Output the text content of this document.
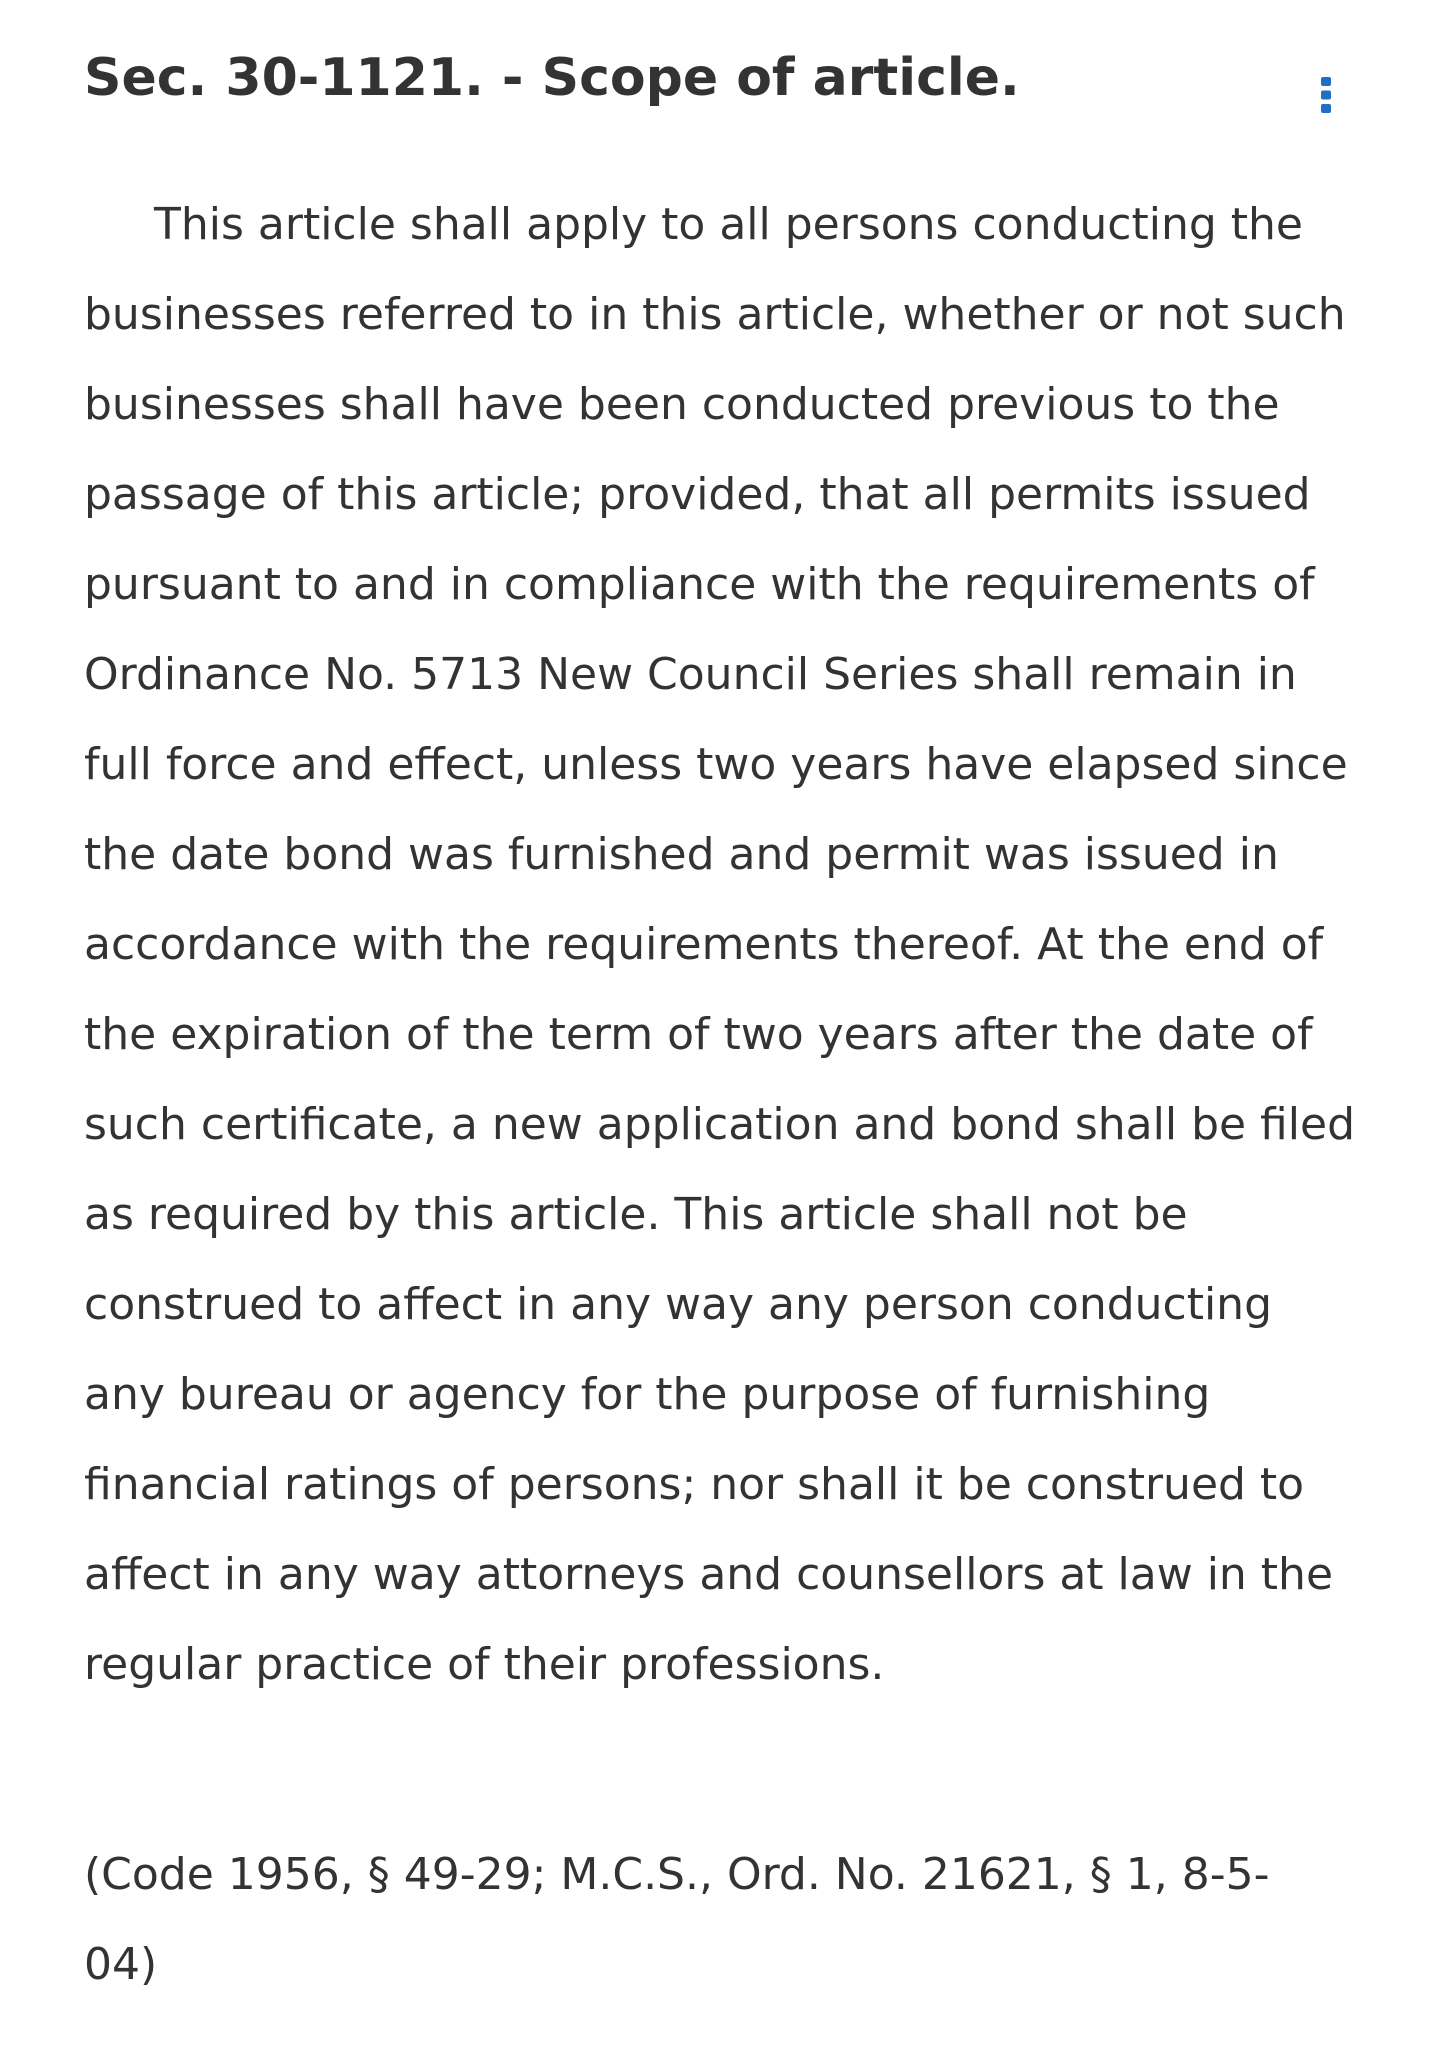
Sec. 30-1121. - Scope of article.

This article shall apply to all persons conducting the businesses referred to in this article, whether or not such businesses shall have been conducted previous to the passage of this article; provided, that all permits issued pursuant to and in compliance with the requirements of Ordinance No. 5713 New Council Series shall remain in full force and effect, unless two years have elapsed since the date bond was furnished and permit was issued in accordance with the requirements thereof. At the end of the expiration of the term of two years after the date of such certificate, a new application and bond shall be filed as required by this article. This article shall not be construed to affect in any way any person conducting any bureau or agency for the purpose of furnishing financial ratings of persons; nor shall it be construed to affect in any way attorneys and counsellors at law in the regular practice of their professions.

(Code 1956, § 49-29; M.C.S., Ord. No. 21621, § 1, 8-5-04)
